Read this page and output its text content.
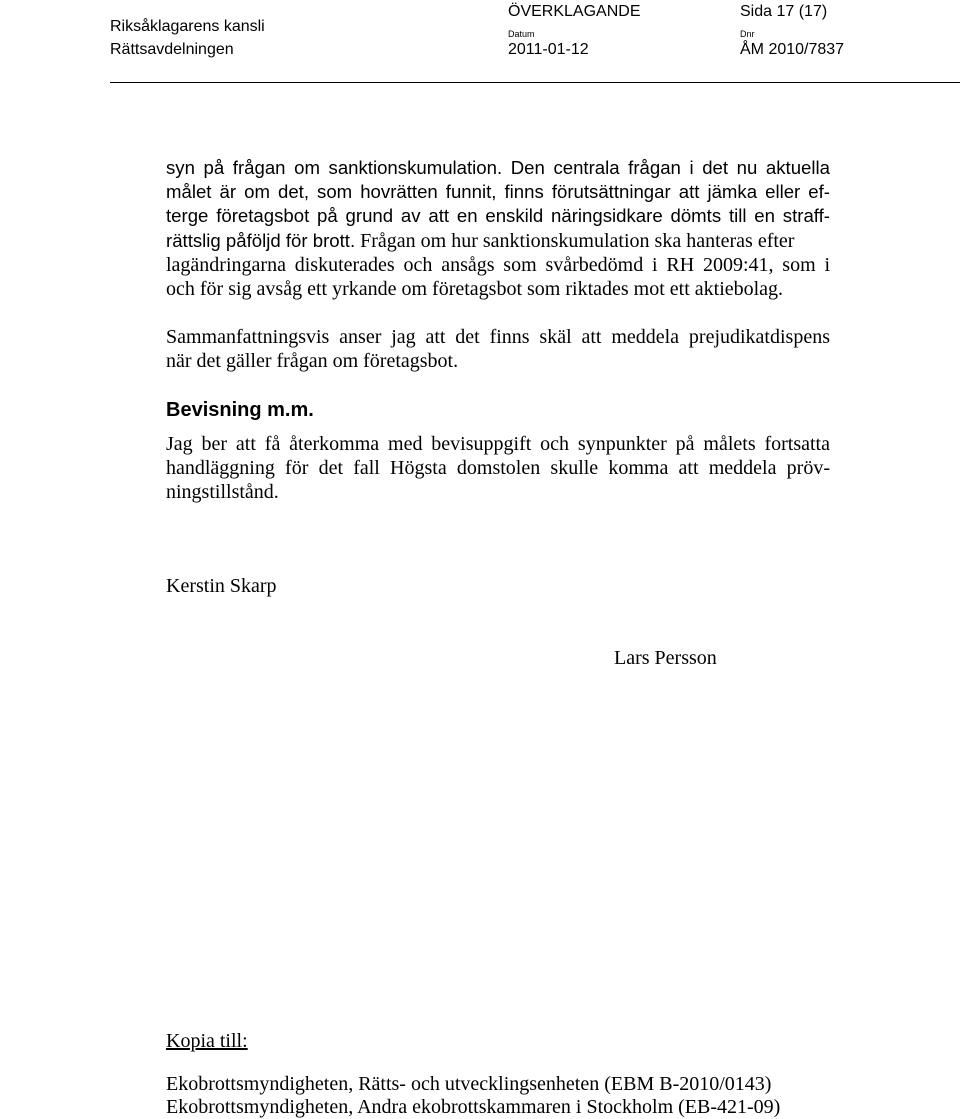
Riksåklagarens kansli
Rättsavdelningen
ÖVERKLAGANDE	Sida 17 (17)
Datum
2011-01-12
Dnr
ÅM 2010/7837
syn på frågan om sanktionskumulation. Den centrala frågan i det nu aktuella
målet är om det, som hovrätten funnit, finns förutsättningar att jämka eller ef-
terge företagsbot på grund av att en enskild näringsidkare dömts till en straff-
rättslig påföljd för brott. Frågan om hur sanktionskumulation ska hanteras efter
lagändringarna diskuterades och ansågs som svårbedömd i RH 2009:41, som i
och för sig avsåg ett yrkande om företagsbot som riktades mot ett aktiebolag.
Sammanfattningsvis anser jag att det finns skäl att meddela prejudikatdispens
när det gäller frågan om företagsbot.
Bevisning m.m.
Jag ber att få återkomma med bevisuppgift och synpunkter på målets fortsatta
handläggning för det fall Högsta domstolen skulle komma att meddela pröv-
ningstillstånd.
Kerstin Skarp
Lars Persson
Kopia till:
Ekobrottsmyndigheten, Rätts- och utvecklingsenheten (EBM B-2010/0143)
Ekobrottsmyndigheten, Andra ekobrottskammaren i Stockholm (EB-421-09)
